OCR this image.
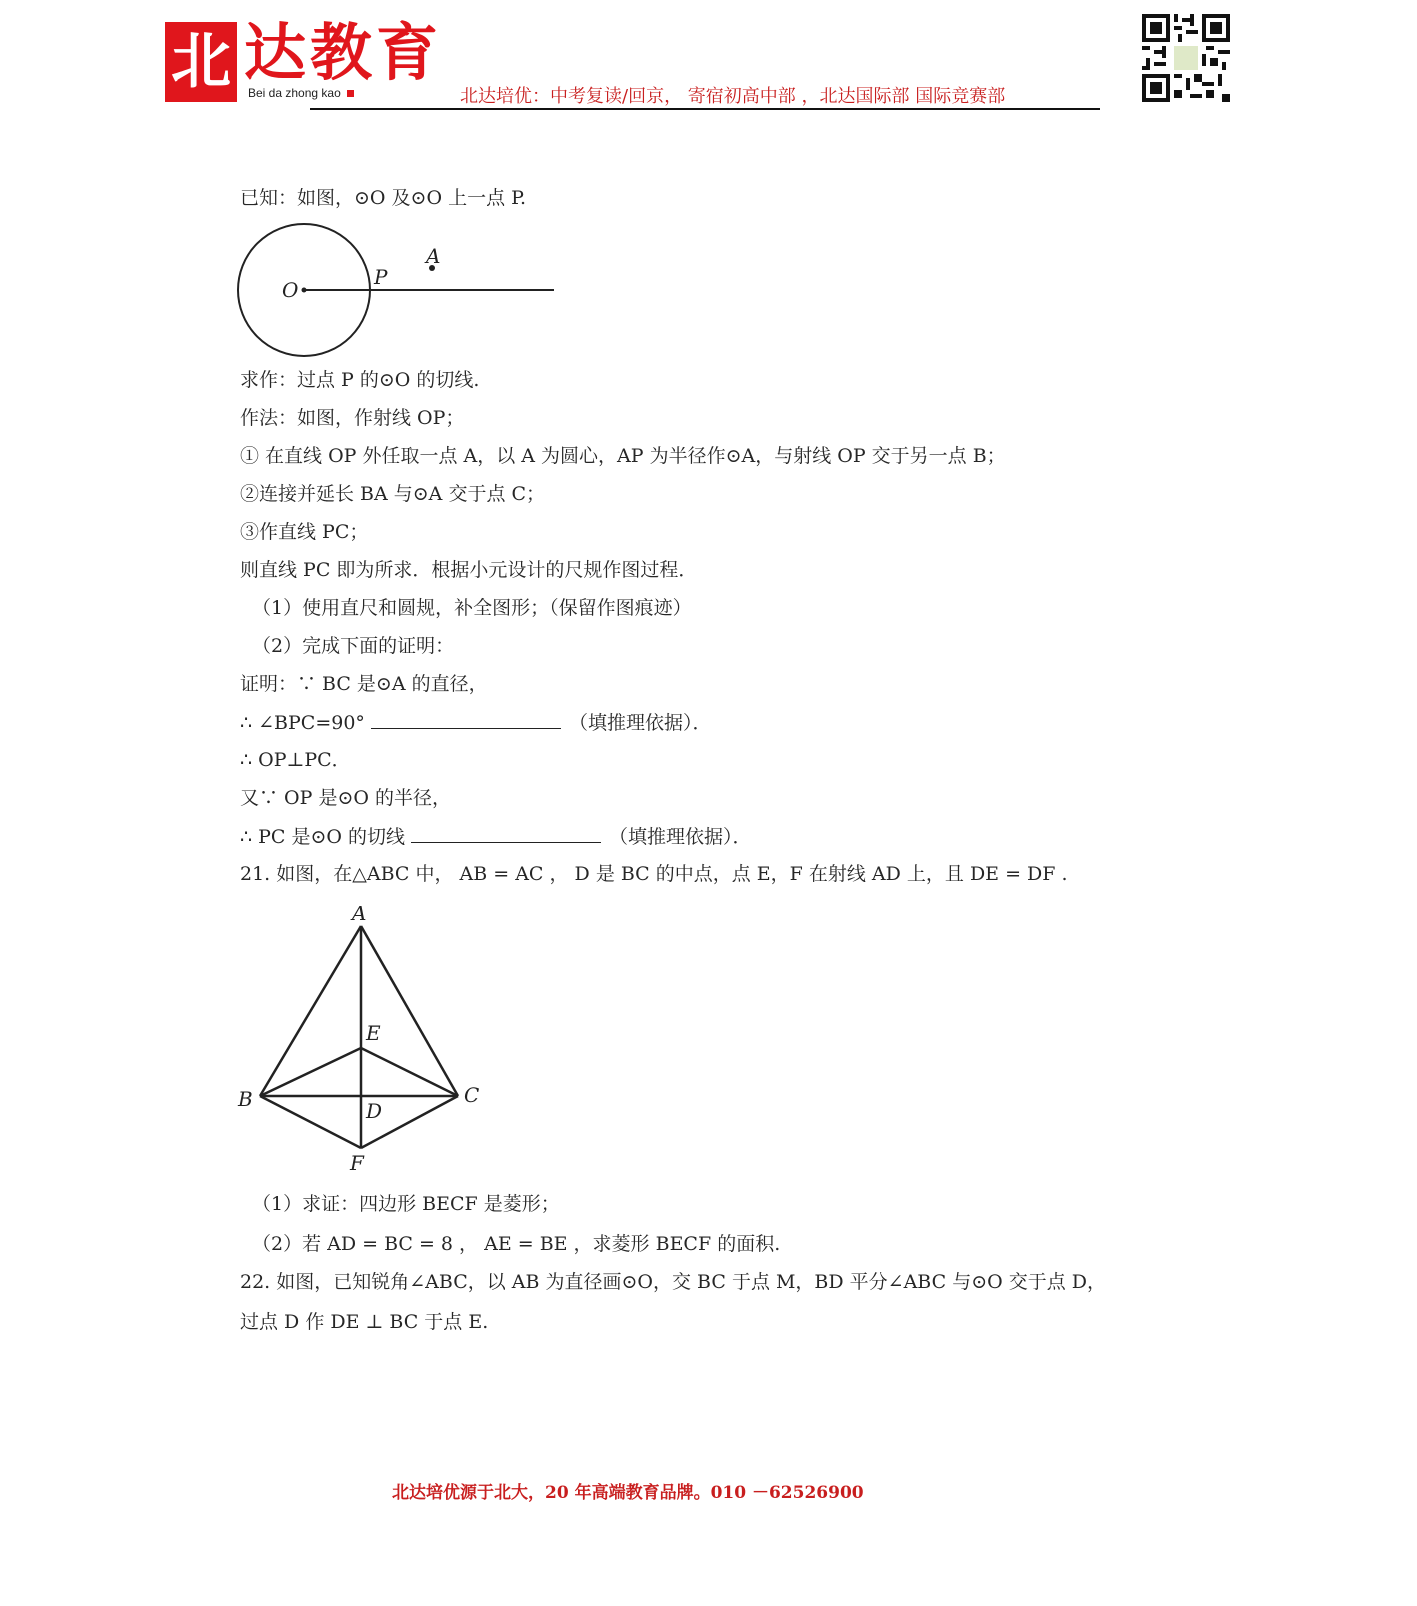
北 达教育
Bei da zhong kao	北达培优：中考复读/回京， 寄宿初高中部 ，北达国际部 国际竞赛部
已知：如图，⊙O 及⊙O 上一点 P.
O
P
A
求作：过点 P 的⊙O 的切线.
作法：如图，作射线 OP；
① 在直线 OP 外任取一点 A，以 A 为圆心，AP 为半径作⊙A，与射线 OP 交于另一点 B；
②连接并延长 BA 与⊙A 交于点 C；
③作直线 PC；
则直线 PC 即为所求．根据小元设计的尺规作图过程．
（1）使用直尺和圆规，补全图形；（保留作图痕迹）
（2）完成下面的证明：
证明：∵ BC 是⊙A 的直径，
∴ ∠BPC=90°	（填推理依据）．
∴ OP⊥PC．
又∵ OP 是⊙O 的半径，
∴ PC 是⊙O 的切线	（填推理依据）．
21. 如图，在△ABC 中， AB = AC ， D 是 BC 的中点，点 E，F 在射线 AD 上，且 DE = DF .
A
B	C
D
E
F
（1）求证：四边形 BECF 是菱形；
（2）若 AD = BC = 8 ， AE = BE ，求菱形 BECF 的面积.
22. 如图，已知锐角∠ABC，以 AB 为直径画⊙O，交 BC 于点 M，BD 平分∠ABC 与⊙O 交于点 D，
过点 D 作 DE ⊥ BC 于点 E.
北达培优源于北大，20 年高端教育品牌。010 －62526900
